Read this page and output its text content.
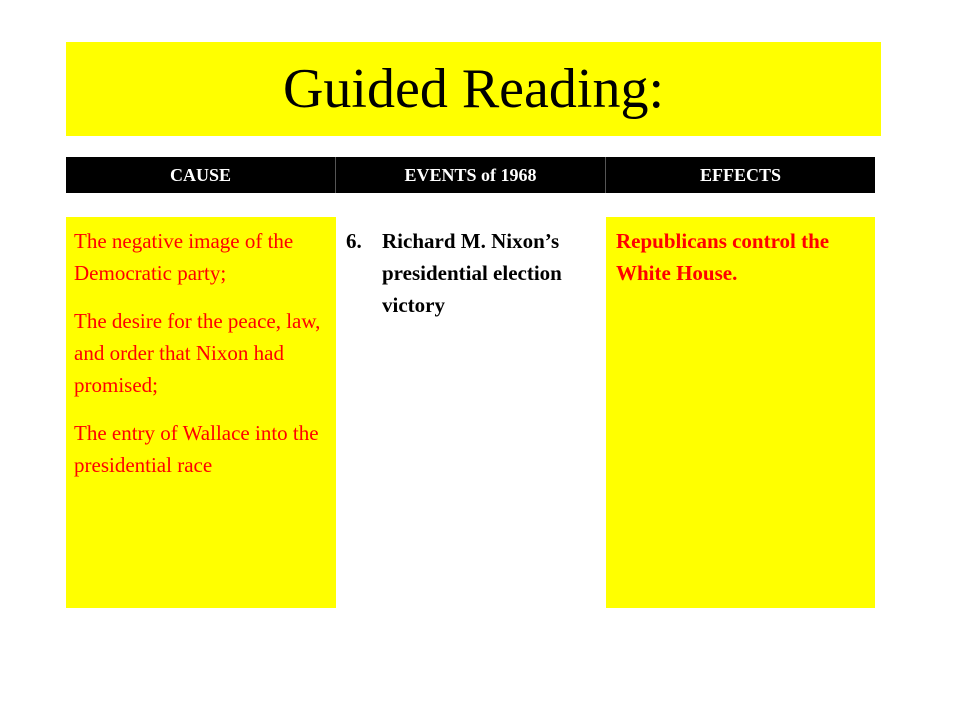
Guided Reading:
CAUSE	EVENTS of 1968	EFFECTS

The negative image of the Democratic party;

The desire for the peace, law, and order that Nixon had promised;

The entry of Wallace into the presidential race

6. Richard M. Nixon’s presidential election victory
Republicans control the White House.
